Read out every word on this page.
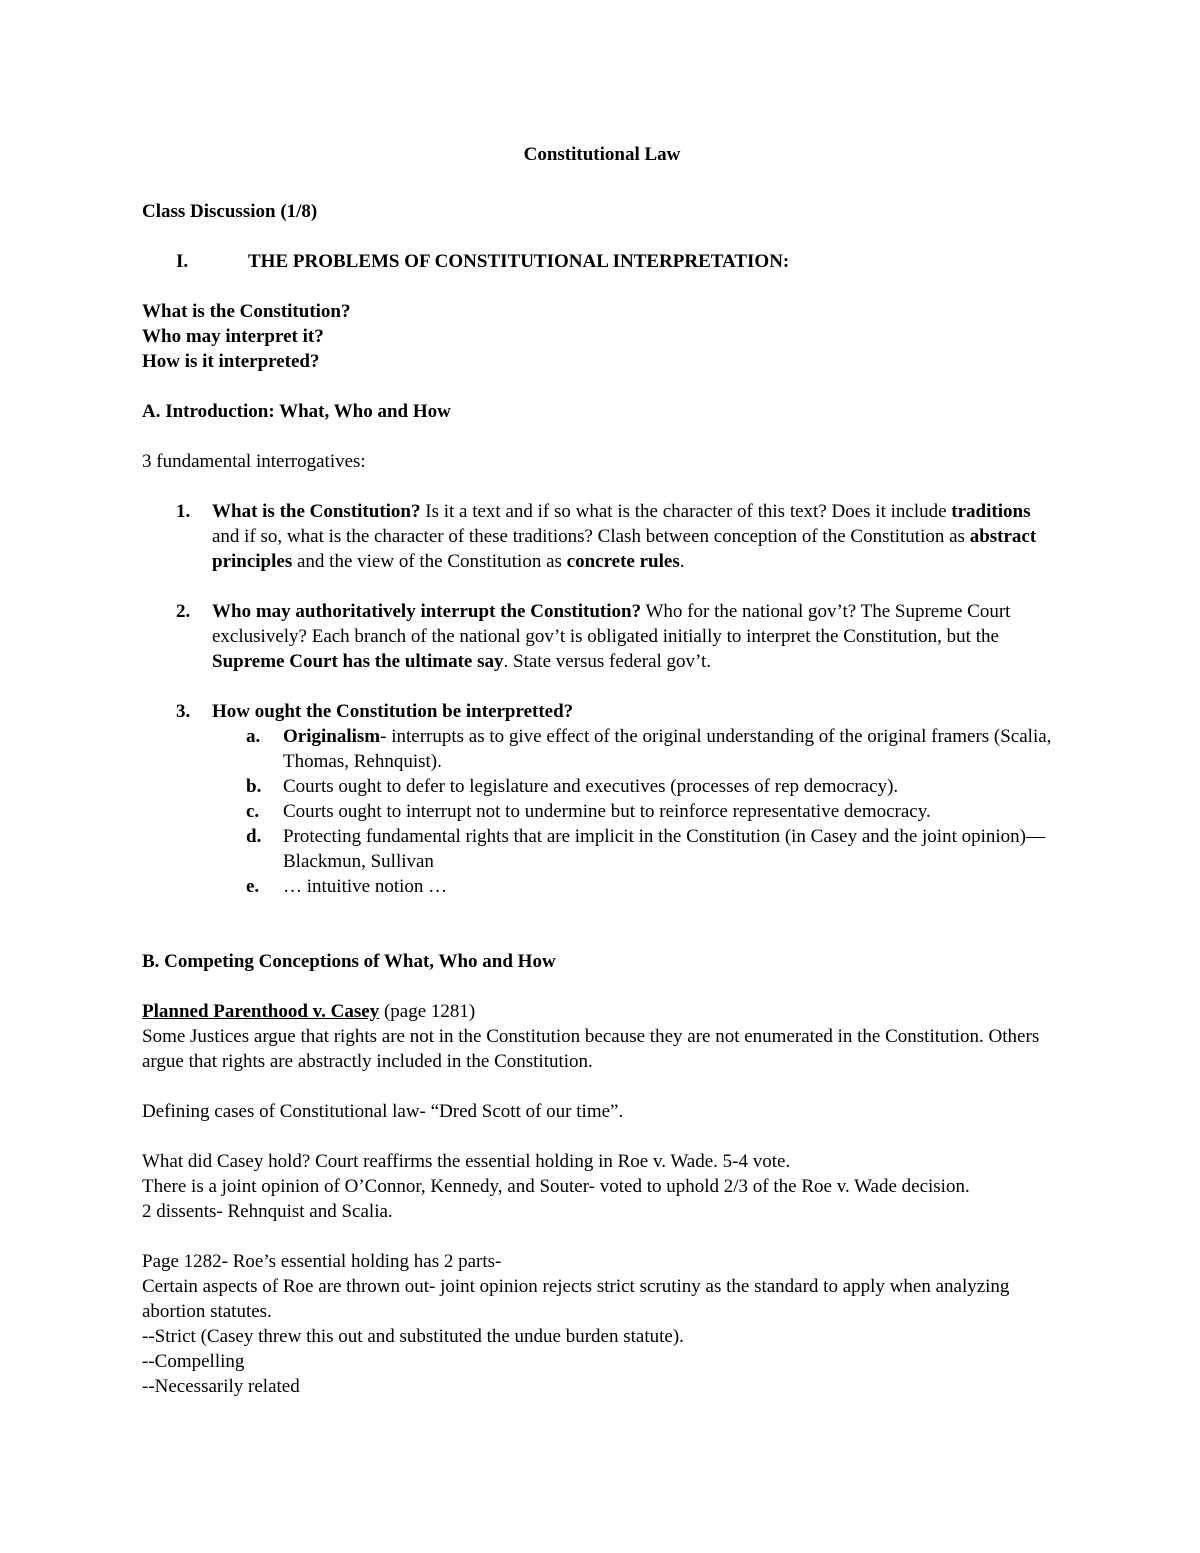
Constitutional Law

Class Discussion (1/8)

I.	THE PROBLEMS OF CONSTITUTIONAL INTERPRETATION:

What is the Constitution?

Who may interpret it?

How is it interpreted?

A. Introduction: What, Who and How

3 fundamental interrogatives:

1.	What is the Constitution? Is it a text and if so what is the character of this text? Does it include traditions and if so, what is the character of these traditions? Clash between conception of the Constitution as abstract principles and the view of the Constitution as concrete rules.
2.	Who may authoritatively interrupt the Constitution? Who for the national gov’t? The Supreme Court exclusively? Each branch of the national gov’t is obligated initially to interpret the Constitution, but the Supreme Court has the ultimate say. State versus federal gov’t.
3.	How ought the Constitution be interpretted?
a.	Originalism- interrupts as to give effect of the original understanding of the original framers (Scalia, Thomas, Rehnquist).
b.	Courts ought to defer to legislature and executives (processes of rep democracy).
c.	Courts ought to interrupt not to undermine but to reinforce representative democracy.
d.	Protecting fundamental rights that are implicit in the Constitution (in Casey and the joint opinion)—Blackmun, Sullivan
e.	… intuitive notion …

B. Competing Conceptions of What, Who and How

Planned Parenthood v. Casey (page 1281)

Some Justices argue that rights are not in the Constitution because they are not enumerated in the Constitution. Others argue that rights are abstractly included in the Constitution.

Defining cases of Constitutional law- “Dred Scott of our time”.

What did Casey hold? Court reaffirms the essential holding in Roe v. Wade. 5-4 vote.

There is a joint opinion of O’Connor, Kennedy, and Souter- voted to uphold 2/3 of the Roe v. Wade decision.

2 dissents- Rehnquist and Scalia.

Page 1282- Roe’s essential holding has 2 parts-

Certain aspects of Roe are thrown out- joint opinion rejects strict scrutiny as the standard to apply when analyzing abortion statutes.

--Strict (Casey threw this out and substituted the undue burden statute).

--Compelling

--Necessarily related
